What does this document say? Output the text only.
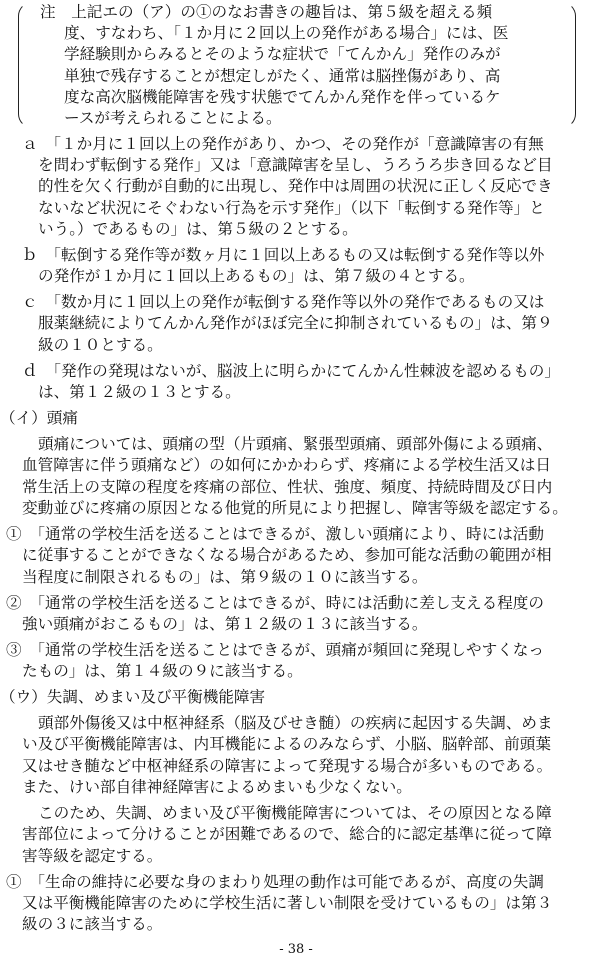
注　上記エの（ア）の①のなお書きの趣旨は、第５級を超える頻
度、すなわち、「１か月に２回以上の発作がある場合」には、医
学経験則からみるとそのような症状で「てんかん」発作のみが
単独で残存することが想定しがたく、通常は脳挫傷があり、高
度な高次脳機能障害を残す状態でてんかん発作を伴っているケ
ースが考えられることによる。
ａ　「１か月に１回以上の発作があり、かつ、その発作が「意識障害の有無
を問わず転倒する発作」又は「意識障害を呈し、うろうろ歩き回るなど目
的性を欠く行動が自動的に出現し、発作中は周囲の状況に正しく反応でき
ないなど状況にそぐわない行為を示す発作」（以下「転倒する発作等」と
いう。）であるもの」は、第５級の２とする。
ｂ　「転倒する発作等が数ヶ月に１回以上あるもの又は転倒する発作等以外
の発作が１か月に１回以上あるもの」は、第７級の４とする。
ｃ　「数か月に１回以上の発作が転倒する発作等以外の発作であるもの又は
服薬継続によりてんかん発作がほぼ完全に抑制されているもの」は、第９
級の１０とする。
ｄ　「発作の発現はないが、脳波上に明らかにてんかん性棘波を認めるもの」
は、第１２級の１３とする。
（イ）頭痛
頭痛については、頭痛の型（片頭痛、緊張型頭痛、頭部外傷による頭痛、
血管障害に伴う頭痛など）の如何にかかわらず、疼痛による学校生活又は日
常生活上の支障の程度を疼痛の部位、性状、強度、頻度、持続時間及び日内
変動並びに疼痛の原因となる他覚的所見により把握し、障害等級を認定する。
①　「通常の学校生活を送ることはできるが、激しい頭痛により、時には活動
に従事することができなくなる場合があるため、参加可能な活動の範囲が相
当程度に制限されるもの」は、第９級の１０に該当する。
②　「通常の学校生活を送ることはできるが、時には活動に差し支える程度の
強い頭痛がおこるもの」は、第１２級の１３に該当する。
③　「通常の学校生活を送ることはできるが、頭痛が頻回に発現しやすくなっ
たもの」は、第１４級の９に該当する。
（ウ）失調、めまい及び平衡機能障害
頭部外傷後又は中枢神経系（脳及びせき髄）の疾病に起因する失調、めま
い及び平衡機能障害は、内耳機能によるのみならず、小脳、脳幹部、前頭葉
又はせき髄など中枢神経系の障害によって発現する場合が多いものである。
また、けい部自律神経障害によるめまいも少なくない。
このため、失調、めまい及び平衡機能障害については、その原因となる障
害部位によって分けることが困難であるので、総合的に認定基準に従って障
害等級を認定する。
①　「生命の維持に必要な身のまわり処理の動作は可能であるが、高度の失調
又は平衡機能障害のために学校生活に著しい制限を受けているもの」は第３
級の３に該当する。
- 38 -
